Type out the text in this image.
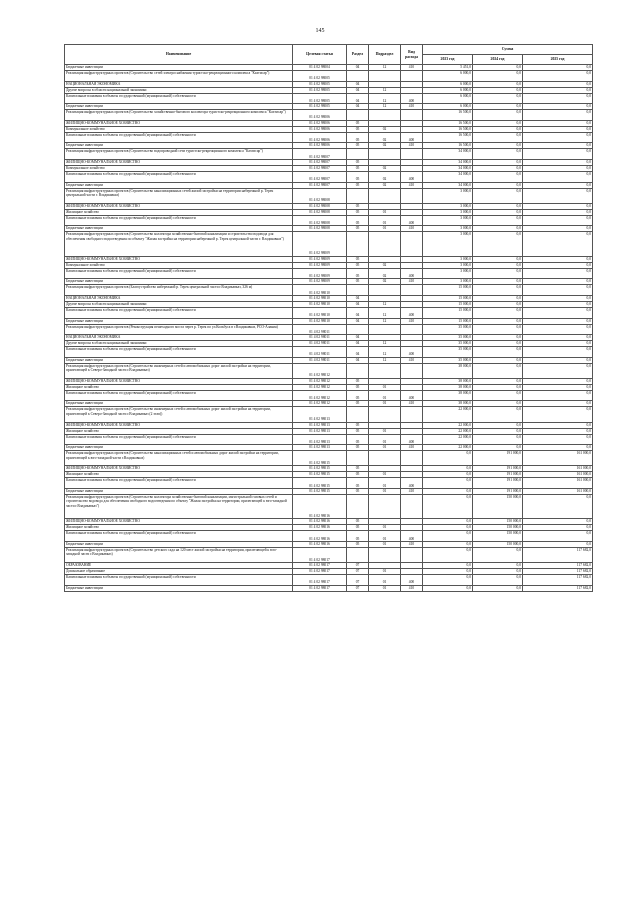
145
Наименование	Целевая статья	Раздел	Подраздел	Вид расхода	Сумма		
					2023 год	2024 год	2025 год
Бюджетные инвестиции	01 4 02 98004	04	12	410	5 451,0	0,0	0,0
Реализация инфраструктурных проектов (Строительство сетей электроснабжения туристско-рекреационного комплекса "Кахтисар")	01 4 02 98005				6 000,0	0,0	0,0
НАЦИОНАЛЬНАЯ ЭКОНОМИКА	01 4 02 98005	04			6 000,0	0,0	0,0
Другие вопросы в области национальной экономики	01 4 02 98005	04	12		6 000,0	0,0	0,0
Капитальные вложения в объекты государственной (муниципальной) собственности	01 4 02 98005	04	12	400	6 000,0	0,0	0,0
Бюджетные инвестиции	01 4 02 98005	04	12	410	6 000,0	0,0	0,0
Реализация инфраструктурных проектов (Строительство хозяйственно-бытового коллектора туристско-рекреационного комплекса "Кахтисар")	01 4 02 98006				16 500,0	0,0	0,0
ЖИЛИЩНО-КОММУНАЛЬНОЕ ХОЗЯЙСТВО	01 4 02 98006	05			16 500,0	0,0	0,0
Коммунальное хозяйство	01 4 02 98006	05	02		16 500,0	0,0	0,0
Капитальные вложения в объекты государственной (муниципальной) собственности	01 4 02 98006	05	02	400	16 500,0	0,0	0,0
Бюджетные инвестиции	01 4 02 98006	05	02	410	16 500,0	0,0	0,0
Реализация инфраструктурных проектов (Строительство водопроводной сети туристско-рекреационного комплекса "Кахтисар")	01 4 02 98007				34 000,0	0,0	0,0
ЖИЛИЩНО-КОММУНАЛЬНОЕ ХОЗЯЙСТВО	01 4 02 98007	05			34 000,0	0,0	0,0
Коммунальное хозяйство	01 4 02 98007	05	02		34 000,0	0,0	0,0
Капитальные вложения в объекты государственной (муниципальной) собственности	01 4 02 98007	05	02	400	34 000,0	0,0	0,0
Бюджетные инвестиции	01 4 02 98007	05	02	410	34 000,0	0,0	0,0
Реализация инфраструктурных проектов (Строительство канализационных сетей жилой застройки на территории набережной р. Терек центральной части г. Владикавказ)	01 4 02 98008				3 000,0	0,0	0,0
ЖИЛИЩНО-КОММУНАЛЬНОЕ ХОЗЯЙСТВО	01 4 02 98008	05			3 000,0	0,0	0,0
Жилищное хозяйство	01 4 02 98008	05	01		3 000,0	0,0	0,0
Капитальные вложения в объекты государственной (муниципальной) собственности	01 4 02 98008	05	01	400	3 000,0	0,0	0,0
Бюджетные инвестиции	01 4 02 98008	05	01	410	3 000,0	0,0	0,0
Реализация инфраструктурных проектов (Строительство коллектора хозяйственно-бытовой канализации и строительство водовода для обеспечения свободного водоотведения по объекту "Жилая застройка на территории набережной р. Терек центральной части г. Владикавказ")	01 4 02 98009				3 000,0	0,0	0,0
ЖИЛИЩНО-КОММУНАЛЬНОЕ ХОЗЯЙСТВО	01 4 02 98009	05			3 000,0	0,0	0,0
Коммунальное хозяйство	01 4 02 98009	05	02		3 000,0	0,0	0,0
Капитальные вложения в объекты государственной (муниципальной) собственности	01 4 02 98009	05	02	400	3 000,0	0,0	0,0
Бюджетные инвестиции	01 4 02 98009	05	02	410	3 000,0	0,0	0,0
Реализация инфраструктурных проектов (Благоустройство набережной р. Терек центральной части г.Владикавказ, 326 м)	01 4 02 98010				15 000,0	0,0	0,0
НАЦИОНАЛЬНАЯ ЭКОНОМИКА	01 4 02 98010	04			15 000,0	0,0	0,0
Другие вопросы в области национальной экономики	01 4 02 98010	04	12		15 000,0	0,0	0,0
Капитальные вложения в объекты государственной (муниципальной) собственности	01 4 02 98010	04	12	400	15 000,0	0,0	0,0
Бюджетные инвестиции	01 4 02 98010	04	12	410	15 000,0	0,0	0,0
Реализация инфраструктурных проектов (Реконструкция пешеходного моста через р. Терек по ул.Кольбуса в г.Владикавказ, РСО-Алания)	01 4 02 98011				35 000,0	0,0	0,0
НАЦИОНАЛЬНАЯ ЭКОНОМИКА	01 4 02 98011	04			35 000,0	0,0	0,0
Другие вопросы в области национальной экономики	01 4 02 98011	04	12		35 000,0	0,0	0,0
Капитальные вложения в объекты государственной (муниципальной) собственности	01 4 02 98011	04	12	400	35 000,0	0,0	0,0
Бюджетные инвестиции	01 4 02 98011	04	12	410	35 000,0	0,0	0,0
Реализация инфраструктурных проектов (Строительство инженерных сетей и автомобильных дорог жилой застройки на территории, прилегающей к Северо-Западной части г.Владикавказ)	01 4 02 98012				38 000,0	0,0	0,0
ЖИЛИЩНО-КОММУНАЛЬНОЕ ХОЗЯЙСТВО	01 4 02 98012	05			38 000,0	0,0	0,0
Жилищное хозяйство	01 4 02 98012	05	01		38 000,0	0,0	0,0
Капитальные вложения в объекты государственной (муниципальной) собственности	01 4 02 98012	05	01	400	38 000,0	0,0	0,0
Бюджетные инвестиции	01 4 02 98012	05	01	410	38 000,0	0,0	0,0
Реализация инфраструктурных проектов (Строительство инженерных сетей и автомобильных дорог жилой застройки на территории, прилегающей к Северо-Западной части г.Владикавказ (2 этап))	01 4 02 98013				22 000,0	0,0	0,0
ЖИЛИЩНО-КОММУНАЛЬНОЕ ХОЗЯЙСТВО	01 4 02 98013	05			22 000,0	0,0	0,0
Жилищное хозяйство	01 4 02 98013	05	01		22 000,0	0,0	0,0
Капитальные вложения в объекты государственной (муниципальной) собственности	01 4 02 98013	05	01	400	22 000,0	0,0	0,0
Бюджетные инвестиции	01 4 02 98013	05	01	410	22 000,0	0,0	0,0
Реализация инфраструктурных проектов (Строительство канализационных сетей и автомобильных дорог жилой застройки на территории, прилегающей к юго-западной части г.Владикавказ)	01 4 02 98015				0,0	191 000,0	161 000,0
ЖИЛИЩНО-КОММУНАЛЬНОЕ ХОЗЯЙСТВО	01 4 02 98015	05			0,0	191 000,0	161 000,0
Жилищное хозяйство	01 4 02 98015	05	01		0,0	191 000,0	161 000,0
Капитальные вложения в объекты государственной (муниципальной) собственности	01 4 02 98015	05	01	400	0,0	191 000,0	161 000,0
Бюджетные инвестиции	01 4 02 98015	05	01	410	0,0	191 000,0	161 000,0
Реализация инфраструктурных проектов (Строительство коллектора хозяйственно-бытовой канализации, магистральной газовых сетей и строительство водовода для обеспечения свободного водоотведения по объекту "Жилая застройка на территории, прилегающей к юго-западной части г.Владикавказ")	01 4 02 98016				0,0	150 000,0	0,0
ЖИЛИЩНО-КОММУНАЛЬНОЕ ХОЗЯЙСТВО	01 4 02 98016	05			0,0	150 000,0	0,0
Жилищное хозяйство	01 4 02 98016	05	01		0,0	150 000,0	0,0
Капитальные вложения в объекты государственной (муниципальной) собственности	01 4 02 98016	05	01	400	0,0	150 000,0	0,0
Бюджетные инвестиции	01 4 02 98016	05	01	410	0,0	150 000,0	0,0
Реализация инфраструктурных проектов (Строительство детского сада на 120 мест жилой застройки на территории, прилегающей к юго-западной части г.Владикавказ)	01 4 02 98017				0,0	0,0	117 682,0
ОБРАЗОВАНИЕ	01 4 02 98017	07			0,0	0,0	117 682,0
Дошкольное образование	01 4 02 98017	07	01		0,0	0,0	117 682,0
Капитальные вложения в объекты государственной (муниципальной) собственности	01 4 02 98017	07	01	400	0,0	0,0	117 682,0
Бюджетные инвестиции	01 4 02 98017	07	01	410	0,0	0,0	117 682,0
